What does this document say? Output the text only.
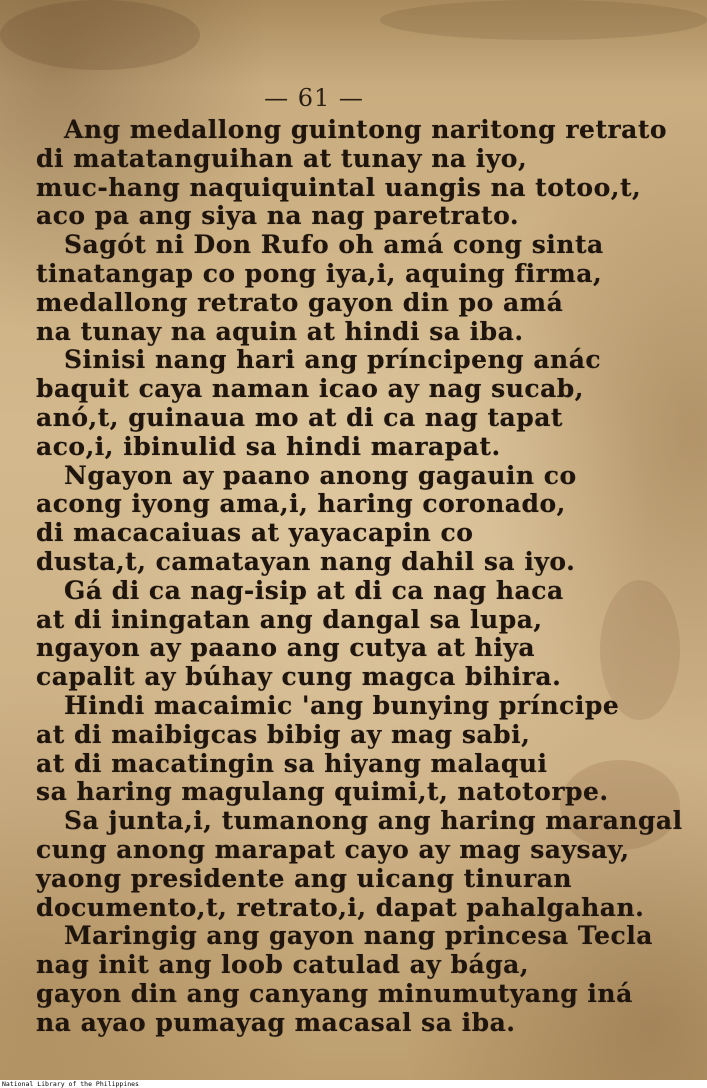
— 61 —
Ang medallong guintong naritong retrato
di matatanguihan at tunay na iyo,
muc-hang naquiquintal uangis na totoo,t,
aco pa ang siya na nag paretrato.
Sagót ni Don Rufo oh amá cong sinta
tinatangap co pong iya,i, aquing firma,
medallong retrato gayon din po amá
na tunay na aquin at hindi sa iba.
Sinisi nang hari ang príncipeng anác
baquit caya naman icao ay nag sucab,
anó,t, guinaua mo at di ca nag tapat
aco,i, ibinulid sa hindi marapat.
Ngayon ay paano anong gagauin co
acong iyong ama,i, haring coronado,
di macacaiuas at yayacapin co
dusta,t, camatayan nang dahil sa iyo.
Gá di ca nag-isip at di ca nag haca
at di iningatan ang dangal sa lupa,
ngayon ay paano ang cutya at hiya
capalit ay búhay cung magca bihira.
Hindi macaimic 'ang bunying príncipe
at di maibigcas bibig ay mag sabi,
at di macatingin sa hiyang malaqui
sa haring magulang quimi,t, natotorpe.
Sa junta,i, tumanong ang haring marangal
cung anong marapat cayo ay mag saysay,
yaong presidente ang uicang tinuran
documento,t, retrato,i, dapat pahalgahan.
Maringig ang gayon nang princesa Tecla
nag init ang loob catulad ay bága,
gayon din ang canyang minumutyang iná
na ayao pumayag macasal sa iba.
National Library of the Philippines
